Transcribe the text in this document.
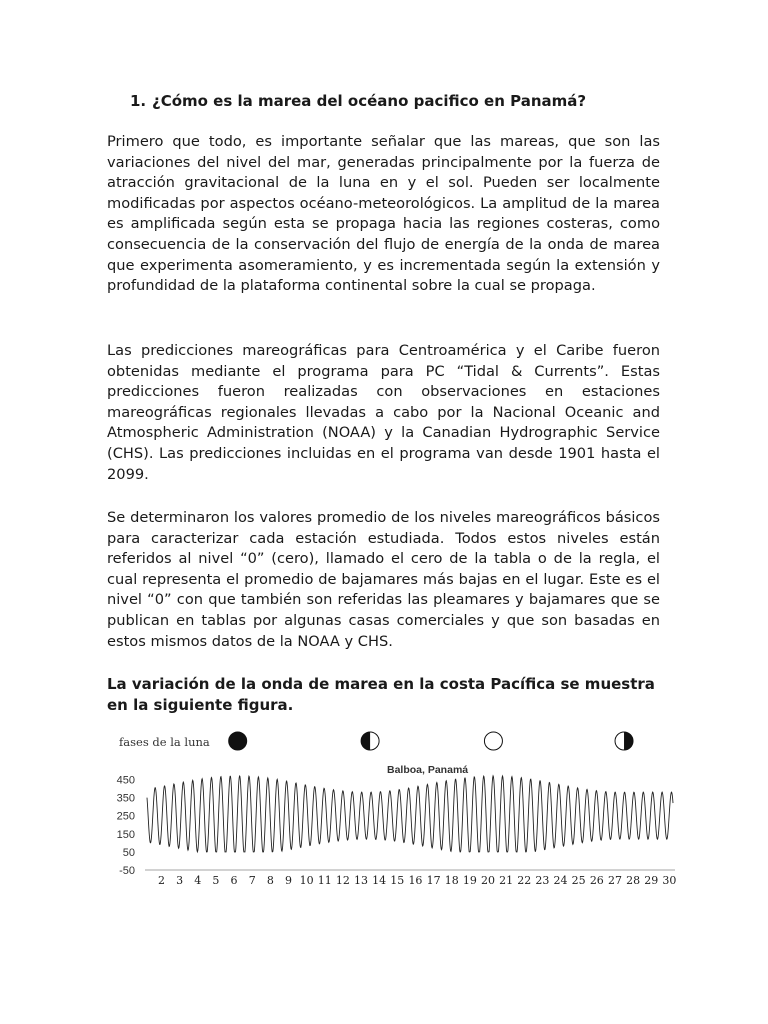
1. ¿Cómo es la marea del océano pacifico en Panamá?

Primero que todo, es importante señalar que las mareas, que son las variaciones del nivel del mar, generadas principalmente por la fuerza de atracción gravitacional de la luna en y el sol. Pueden ser localmente modificadas por aspectos océano-meteorológicos. La amplitud de la marea es amplificada según esta se propaga hacia las regiones costeras, como consecuencia de la conservación del flujo de energía de la onda de marea que experimenta asomeramiento, y es incrementada según la extensión y profundidad de la plataforma continental sobre la cual se propaga.

Las predicciones mareográficas para Centroamérica y el Caribe fueron obtenidas mediante el programa para PC “Tidal & Currents”. Estas predicciones fueron realizadas con observaciones en estaciones mareográficas regionales llevadas a cabo por la Nacional Oceanic and Atmospheric Administration (NOAA) y la Canadian Hydrographic Service (CHS). Las predicciones incluidas en el programa van desde 1901 hasta el 2099.

Se determinaron los valores promedio de los niveles mareográficos básicos para caracterizar cada estación estudiada. Todos estos niveles están referidos al nivel “0” (cero), llamado el cero de la tabla o de la regla, el cual representa el promedio de bajamares más bajas en el lugar. Este es el nivel “0” con que también son referidas las pleamares y bajamares que se publican en tablas por algunas casas comerciales y que son basadas en estos mismos datos de la NOAA y CHS.

La variación de la onda de marea en la costa Pacífica se muestra en la siguiente figura.

fases de la luna
Balboa, Panamá
450
350
250
150
50
-50
2 3 4 5 6 7 8 9 10 11 12 13 14 15 16 17 18 19 20 21 22 23 24 25 26 27 28 29 30
